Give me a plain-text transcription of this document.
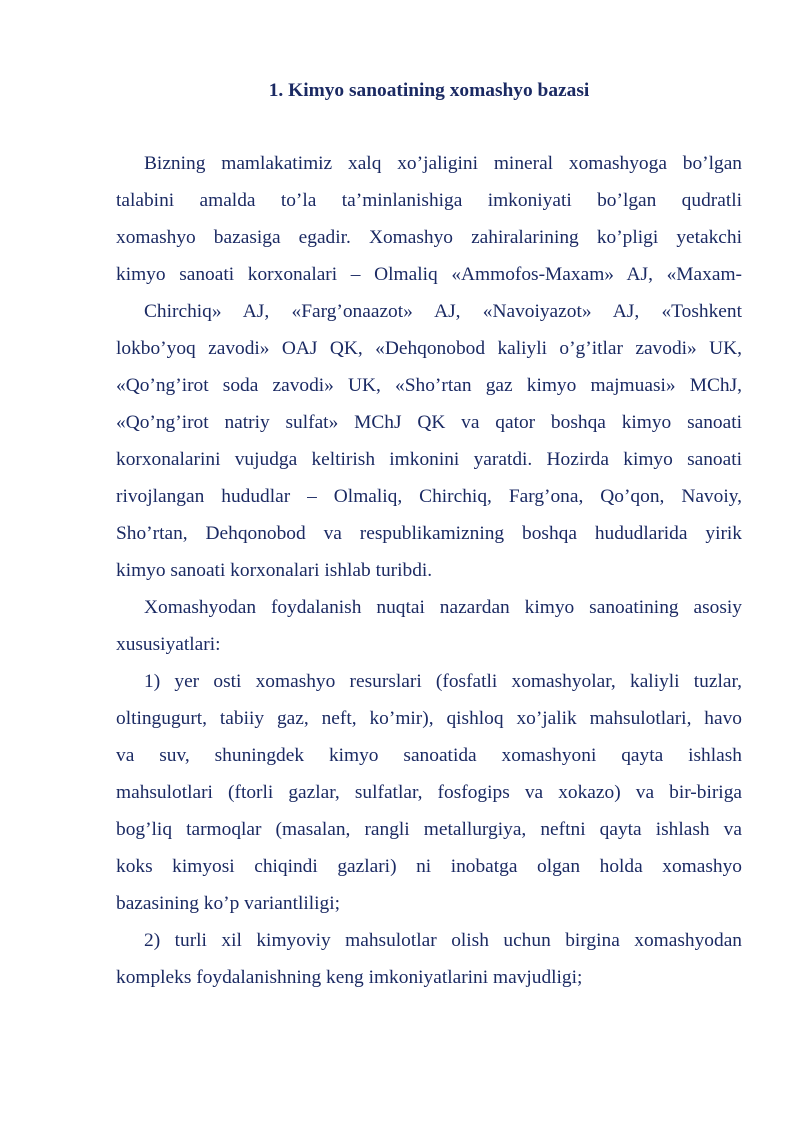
1. Kimyo sanoatining xomashyo bazasi
Bizning mamlakatimiz xalq xo’jaligini mineral xomashyoga bo’lgan
talabini amalda to’la ta’minlanishiga imkoniyati bo’lgan qudratli
xomashyo bazasiga egadir. Xomashyo zahiralarining ko’pligi yetakchi
kimyo sanoati korxonalari – Olmaliq «Ammofos-Maxam» AJ, «Maxam-
Chirchiq» AJ, «Farg’onaazot» AJ, «Navoiyazot» AJ, «Toshkent
lokbo’yoq zavodi» OAJ QK, «Dehqonobod kaliyli o’g’itlar zavodi» UK,
«Qo’ng’irot soda zavodi» UK, «Sho’rtan gaz kimyo majmuasi» MChJ,
«Qo’ng’irot natriy sulfat» MChJ QK va qator boshqa kimyo sanoati
korxonalarini vujudga keltirish imkonini yaratdi. Hozirda kimyo sanoati
rivojlangan hududlar – Olmaliq, Chirchiq, Farg’ona, Qo’qon, Navoiy,
Sho’rtan, Dehqonobod va respublikamizning boshqa hududlarida yirik
kimyo sanoati korxonalari ishlab turibdi.
Xomashyodan foydalanish nuqtai nazardan kimyo sanoatining asosiy
xususiyatlari:
1) yer osti xomashyo resurslari (fosfatli xomashyolar, kaliyli tuzlar,
oltingugurt, tabiiy gaz, neft, ko’mir), qishloq xo’jalik mahsulotlari, havo
va suv, shuningdek kimyo sanoatida xomashyoni qayta ishlash
mahsulotlari (ftorli gazlar, sulfatlar, fosfogips va xokazo) va bir-biriga
bog’liq tarmoqlar (masalan, rangli metallurgiya, neftni qayta ishlash va
koks kimyosi chiqindi gazlari) ni inobatga olgan holda xomashyo
bazasining ko’p variantliligi;
2) turli xil kimyoviy mahsulotlar olish uchun birgina xomashyodan
kompleks foydalanishning keng imkoniyatlarini mavjudligi;
